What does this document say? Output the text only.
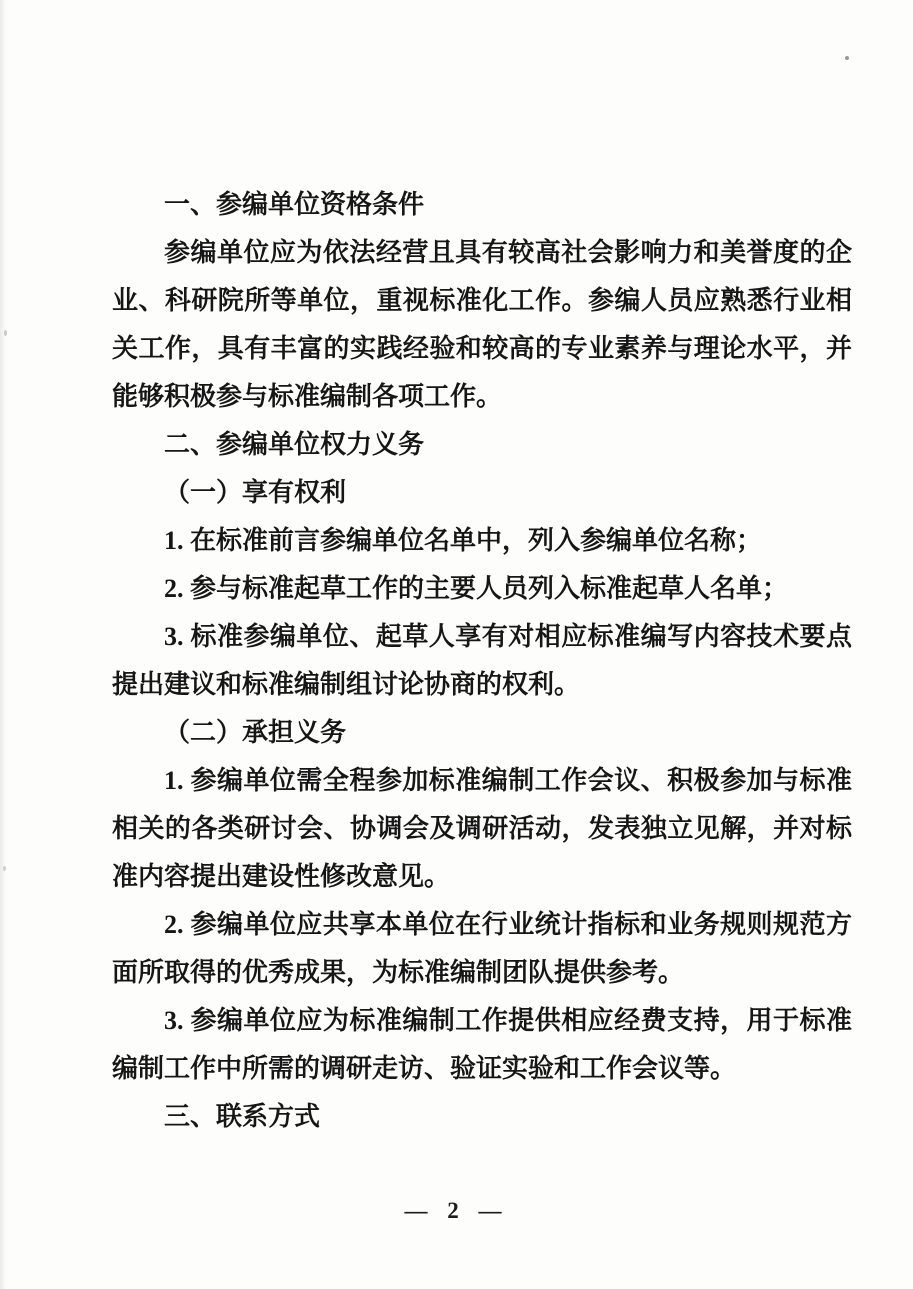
一、参编单位资格条件

参编单位应为依法经营且具有较高社会影响力和美誉度的企业、科研院所等单位，重视标准化工作。参编人员应熟悉行业相关工作，具有丰富的实践经验和较高的专业素养与理论水平，并能够积极参与标准编制各项工作。

二、参编单位权力义务

（一）享有权利

1. 在标准前言参编单位名单中，列入参编单位名称；

2. 参与标准起草工作的主要人员列入标准起草人名单；

3. 标准参编单位、起草人享有对相应标准编写内容技术要点提出建议和标准编制组讨论协商的权利。

（二）承担义务

1. 参编单位需全程参加标准编制工作会议、积极参加与标准相关的各类研讨会、协调会及调研活动，发表独立见解，并对标准内容提出建设性修改意见。

2. 参编单位应共享本单位在行业统计指标和业务规则规范方面所取得的优秀成果，为标准编制团队提供参考。

3. 参编单位应为标准编制工作提供相应经费支持，用于标准编制工作中所需的调研走访、验证实验和工作会议等。

三、联系方式

— 2 —
